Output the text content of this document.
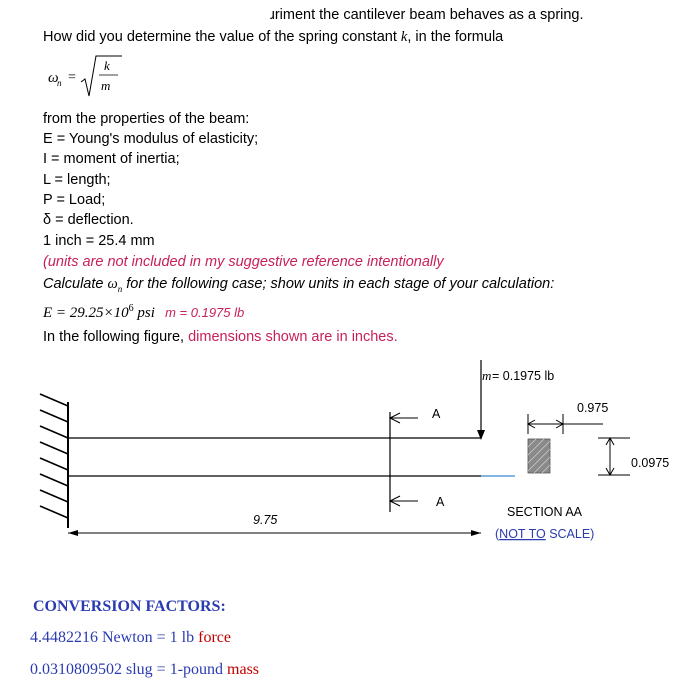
ɹriment the cantilever beam behaves as a spring.
How did you determine the value of the spring constant k, in the formula
ω
n =
k
m
from the properties of the beam:
E = Young's modulus of elasticity;
I = moment of inertia;
L = length;
P = Load;
δ = deflection.
1 inch = 25.4 mm
(units are not included in my suggestive reference intentionally
Calculate $\omega_n$ for the following case; show units in each stage of your calculation:
$E = 29.25\times 10^6$ psi m = 0.1975 lb
In the following figure, dimensions shown are in inches.
m = 0.1975 lb
A
A
9.75
0.975
0.0975
SECTION AA
(NOT TO SCALE)
CONVERSION FACTORS:
4.4482216 Newton = 1 lb force
0.0310809502 slug = 1-pound mass
